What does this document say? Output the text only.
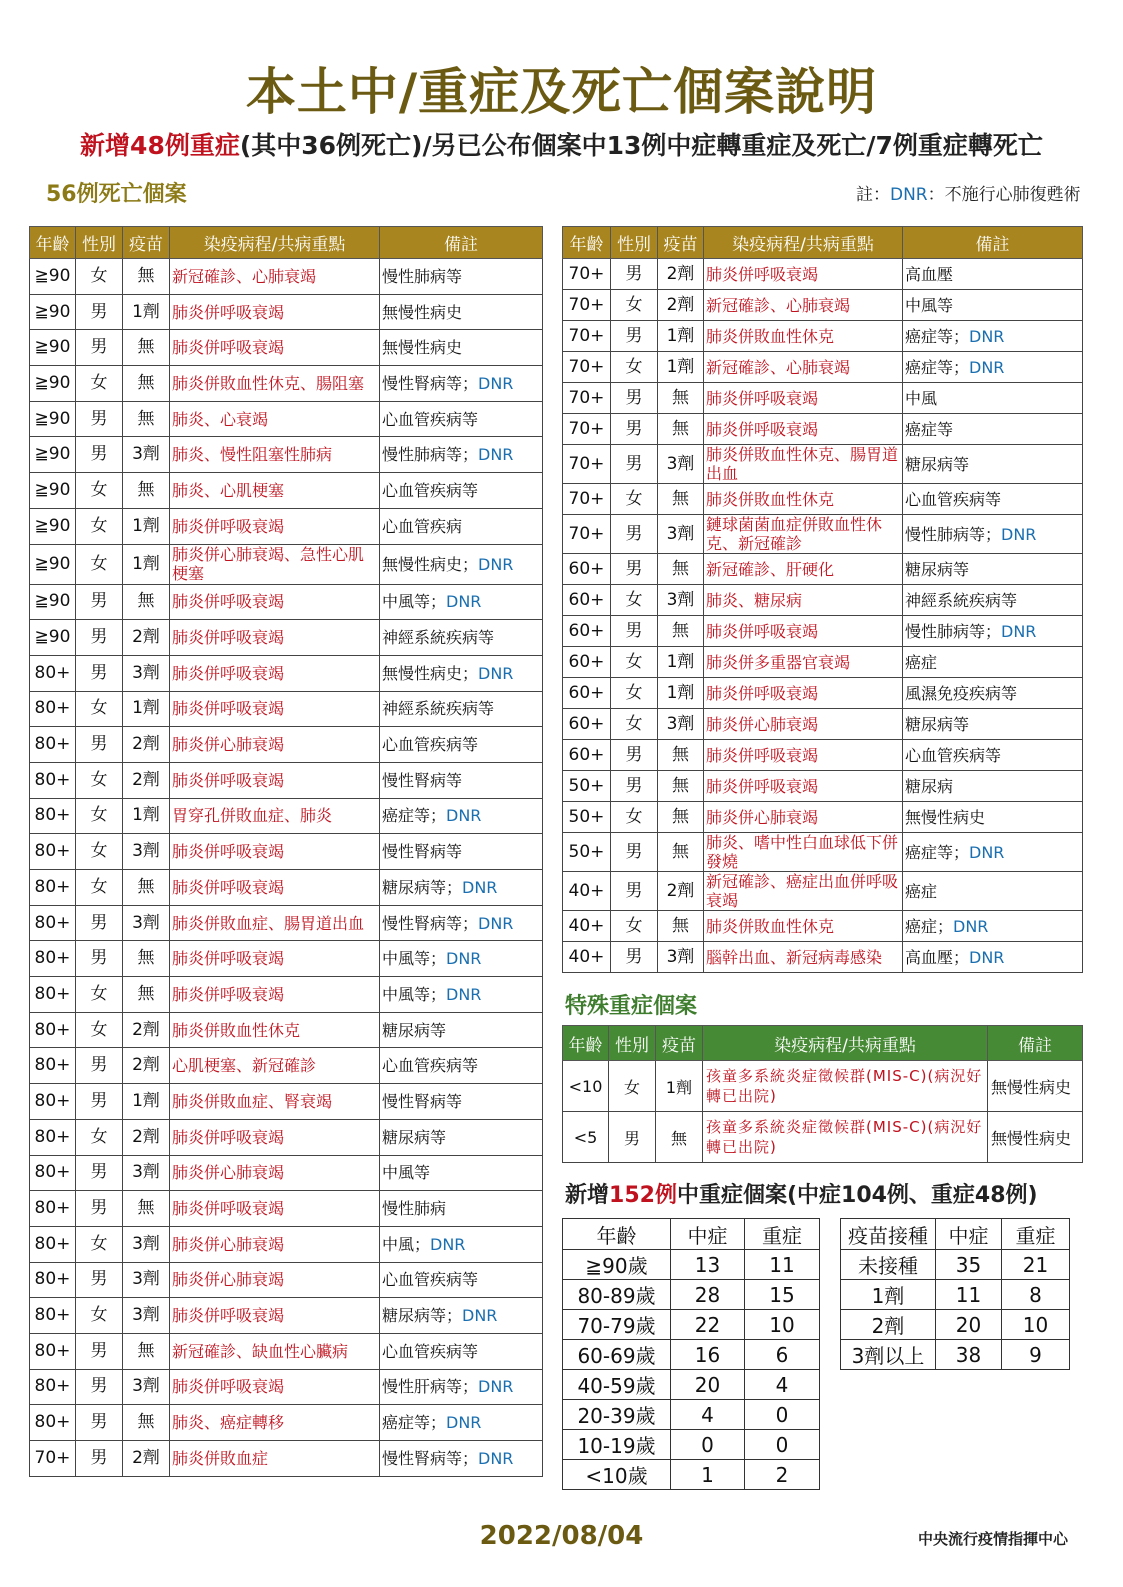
本土中/重症及死亡個案說明
新增48例重症(其中36例死亡)/另已公布個案中13例中症轉重症及死亡/7例重症轉死亡
56例死亡個案	註：DNR：不施行心肺復甦術
年齡	性別	疫苗	染疫病程/共病重點	備註
≧90	女	無	新冠確診、心肺衰竭	慢性肺病等
≧90	男	1劑	肺炎併呼吸衰竭	無慢性病史
≧90	男	無	肺炎併呼吸衰竭	無慢性病史
≧90	女	無	肺炎併敗血性休克、腸阻塞	慢性腎病等；DNR
≧90	男	無	肺炎、心衰竭	心血管疾病等
≧90	男	3劑	肺炎、慢性阻塞性肺病	慢性肺病等；DNR
≧90	女	無	肺炎、心肌梗塞	心血管疾病等
≧90	女	1劑	肺炎併呼吸衰竭	心血管疾病
≧90	女	1劑	肺炎併心肺衰竭、急性心肌梗塞	無慢性病史；DNR
≧90	男	無	肺炎併呼吸衰竭	中風等；DNR
≧90	男	2劑	肺炎併呼吸衰竭	神經系統疾病等
80+	男	3劑	肺炎併呼吸衰竭	無慢性病史；DNR
80+	女	1劑	肺炎併呼吸衰竭	神經系統疾病等
80+	男	2劑	肺炎併心肺衰竭	心血管疾病等
80+	女	2劑	肺炎併呼吸衰竭	慢性腎病等
80+	女	1劑	胃穿孔併敗血症、肺炎	癌症等；DNR
80+	女	3劑	肺炎併呼吸衰竭	慢性腎病等
80+	女	無	肺炎併呼吸衰竭	糖尿病等；DNR
80+	男	3劑	肺炎併敗血症、腸胃道出血	慢性腎病等；DNR
80+	男	無	肺炎併呼吸衰竭	中風等；DNR
80+	女	無	肺炎併呼吸衰竭	中風等；DNR
80+	女	2劑	肺炎併敗血性休克	糖尿病等
80+	男	2劑	心肌梗塞、新冠確診	心血管疾病等
80+	男	1劑	肺炎併敗血症、腎衰竭	慢性腎病等
80+	女	2劑	肺炎併呼吸衰竭	糖尿病等
80+	男	3劑	肺炎併心肺衰竭	中風等
80+	男	無	肺炎併呼吸衰竭	慢性肺病
80+	女	3劑	肺炎併心肺衰竭	中風；DNR
80+	男	3劑	肺炎併心肺衰竭	心血管疾病等
80+	女	3劑	肺炎併呼吸衰竭	糖尿病等；DNR
80+	男	無	新冠確診、缺血性心臟病	心血管疾病等
80+	男	3劑	肺炎併呼吸衰竭	慢性肝病等；DNR
80+	男	無	肺炎、癌症轉移	癌症等；DNR
70+	男	2劑	肺炎併敗血症	慢性腎病等；DNR
年齡	性別	疫苗	染疫病程/共病重點	備註
70+	男	2劑	肺炎併呼吸衰竭	高血壓
70+	女	2劑	新冠確診、心肺衰竭	中風等
70+	男	1劑	肺炎併敗血性休克	癌症等；DNR
70+	女	1劑	新冠確診、心肺衰竭	癌症等；DNR
70+	男	無	肺炎併呼吸衰竭	中風
70+	男	無	肺炎併呼吸衰竭	癌症等
70+	男	3劑	肺炎併敗血性休克、腸胃道出血	糖尿病等
70+	女	無	肺炎併敗血性休克	心血管疾病等
70+	男	3劑	鏈球菌菌血症併敗血性休克、新冠確診	慢性肺病等；DNR
60+	男	無	新冠確診、肝硬化	糖尿病等
60+	女	3劑	肺炎、糖尿病	神經系統疾病等
60+	男	無	肺炎併呼吸衰竭	慢性肺病等；DNR
60+	女	1劑	肺炎併多重器官衰竭	癌症
60+	女	1劑	肺炎併呼吸衰竭	風濕免疫疾病等
60+	女	3劑	肺炎併心肺衰竭	糖尿病等
60+	男	無	肺炎併呼吸衰竭	心血管疾病等
50+	男	無	肺炎併呼吸衰竭	糖尿病
50+	女	無	肺炎併心肺衰竭	無慢性病史
50+	男	無	肺炎、嗜中性白血球低下併發燒	癌症等；DNR
40+	男	2劑	新冠確診、癌症出血併呼吸衰竭	癌症
40+	女	無	肺炎併敗血性休克	癌症；DNR
40+	男	3劑	腦幹出血、新冠病毒感染	高血壓；DNR
特殊重症個案
年齡	性別	疫苗	染疫病程/共病重點	備註
<10	女	1劑	孩童多系統炎症徵候群(MIS-C)(病況好轉已出院)	無慢性病史
<5	男	無	孩童多系統炎症徵候群(MIS-C)(病況好轉已出院)	無慢性病史
新增152例中重症個案(中症104例、重症48例)
年齡	中症	重症
≧90歲	13	11
80-89歲	28	15
70-79歲	22	10
60-69歲	16	6
40-59歲	20	4
20-39歲	4	0
10-19歲	0	0
<10歲	1	2
疫苗接種	中症	重症
未接種	35	21
1劑	11	8
2劑	20	10
3劑以上	38	9
2022/08/04	中央流行疫情指揮中心
